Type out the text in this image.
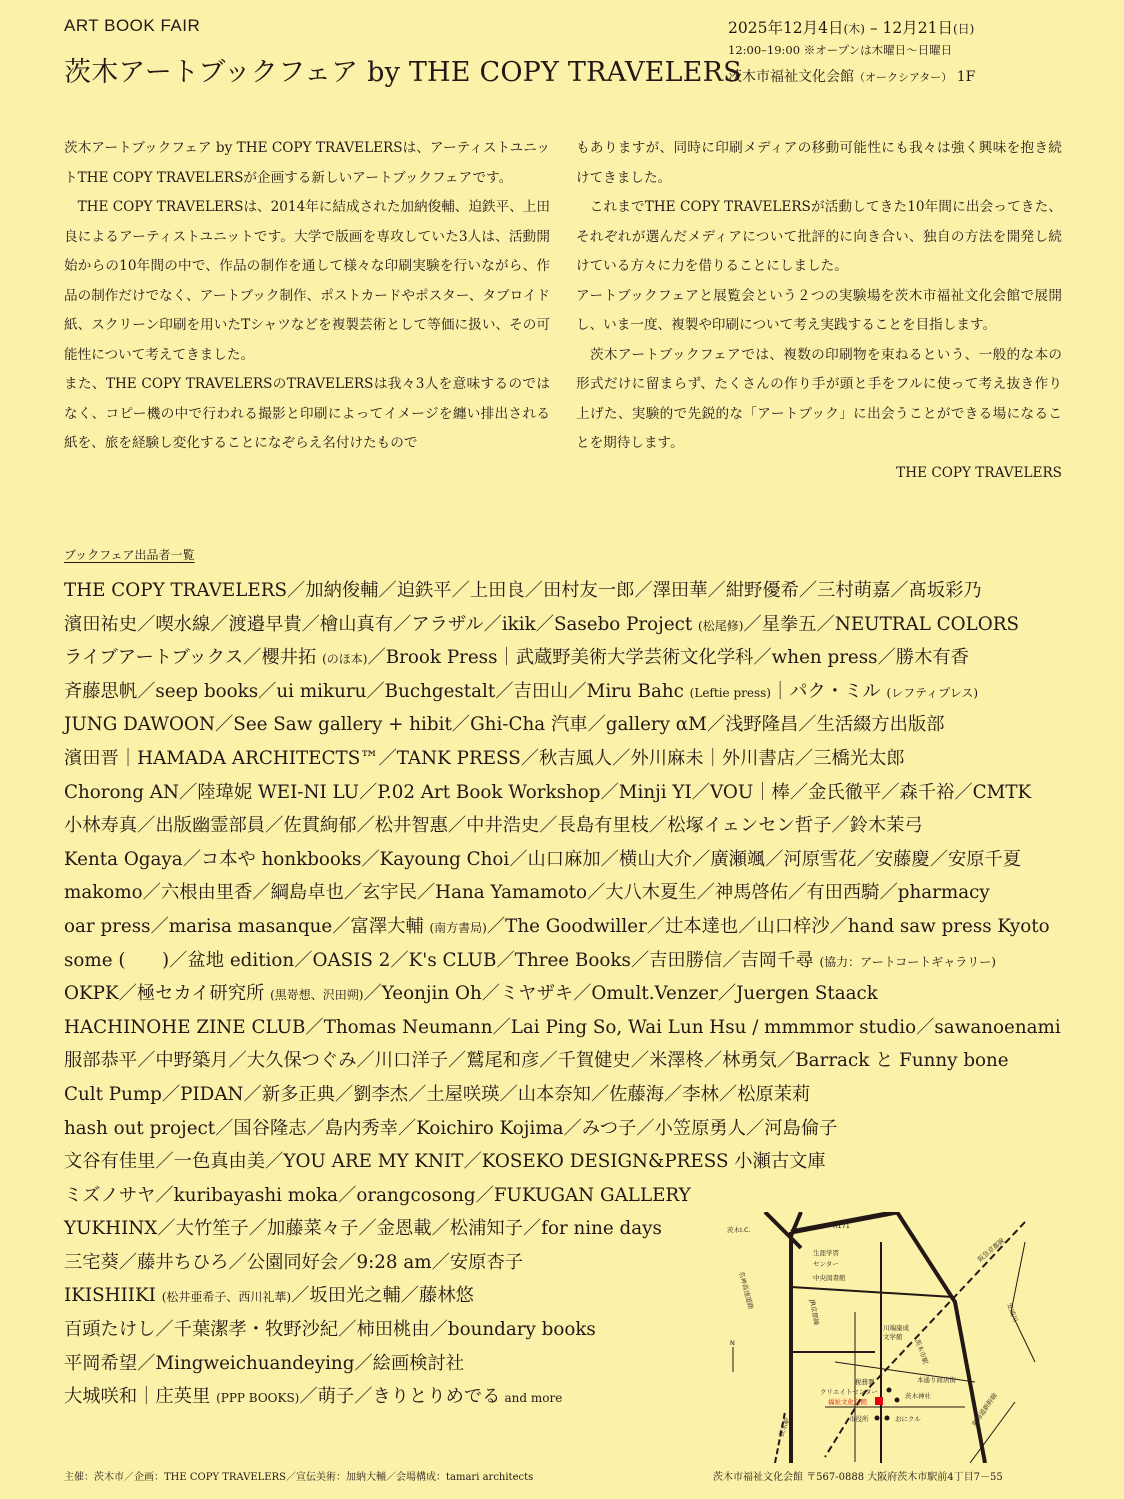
ART BOOK FAIR
茨木アートブックフェア by THE COPY TRAVELERS
2025年12月4日(木) – 12月21日(日)
12:00–19:00 ※オープンは木曜日〜日曜日
茨木市福祉文化会館（オークシアター） 1F

茨木アートブックフェア by THE COPY TRAVELERSは、アーティストユニットTHE COPY TRAVELERSが企画する新しいアートブックフェアです。

　THE COPY TRAVELERSは、2014年に結成された加納俊輔、迫鉄平、上田良によるアーティストユニットです。大学で版画を専攻していた3人は、活動開始からの10年間の中で、作品の制作を通して様々な印刷実験を行いながら、作品の制作だけでなく、アートブック制作、ポストカードやポスター、タブロイド紙、スクリーン印刷を用いたTシャツなどを複製芸術として等価に扱い、その可能性について考えてきました。

また、THE COPY TRAVELERSのTRAVELERSは我々3人を意味するのではなく、コピー機の中で行われる撮影と印刷によってイメージを纏い排出される紙を、旅を経験し変化することになぞらえ名付けたもので

もありますが、同時に印刷メディアの移動可能性にも我々は強く興味を抱き続けてきました。

　これまでTHE COPY TRAVELERSが活動してきた10年間に出会ってきた、それぞれが選んだメディアについて批評的に向き合い、独自の方法を開発し続けている方々に力を借りることにしました。

アートブックフェアと展覧会という２つの実験場を茨木市福祉文化会館で展開し、いま一度、複製や印刷について考え実践することを目指します。

　茨木アートブックフェアでは、複数の印刷物を束ねるという、一般的な本の形式だけに留まらず、たくさんの作り手が頭と手をフルに使って考え抜き作り上げた、実験的で先鋭的な「アートブック」に出会うことができる場になることを期待します。

THE COPY TRAVELERS

ブックフェア出品者一覧
THE COPY TRAVELERS／加納俊輔／迫鉄平／上田良／田村友一郎／澤田華／紺野優希／三村萌嘉／髙坂彩乃
濱田祐史／喫水線／渡邉早貴／檜山真有／アラザル／ikik／Sasebo Project (松尾修)／星拳五／NEUTRAL COLORS
ライブアートブックス／櫻井拓 (のほ本)／Brook Press｜武蔵野美術大学芸術文化学科／when press／勝木有香
斉藤思帆／seep books／ui mikuru／Buchgestalt／吉田山／Miru Bahc (Leftie press)｜パク・ミル (レフティプレス)
JUNG DAWOON／See Saw gallery + hibit／Ghi-Cha 汽車／gallery αM／浅野隆昌／生活綴方出版部
濱田晋｜HAMADA ARCHITECTS™／TANK PRESS／秋吉風人／外川麻未｜外川書店／三橋光太郎
Chorong AN／陸瑋妮 WEI-NI LU／P.02 Art Book Workshop／Minji YI／VOU｜棒／金氏徹平／森千裕／CMTK
小林寿真／出版幽霊部員／佐貫絢郁／松井智惠／中井浩史／長島有里枝／松塚イェンセン哲子／鈴木茉弓
Kenta Ogaya／コ本や honkbooks／Kayoung Choi／山口麻加／横山大介／廣瀬颯／河原雪花／安藤慶／安原千夏
makomo／六根由里香／綱島卓也／玄宇民／Hana Yamamoto／大八木夏生／神馬啓佑／有田西騎／pharmacy
oar press／marisa masanque／富澤大輔 (南方書局)／The Goodwiller／辻本達也／山口梓沙／hand saw press Kyoto
some (　　)／盆地 edition／OASIS 2／K's CLUB／Three Books／吉田勝信／吉岡千尋 (協力：アートコートギャラリー)
OKPK／極セカイ研究所 (黒嵜想、沢田朔)／Yeonjin Oh／ミヤザキ／Omult.Venzer／Juergen Staack
HACHINOHE ZINE CLUB／Thomas Neumann／Lai Ping So, Wai Lun Hsu / mmmmor studio／sawanoenami
服部恭平／中野築月／大久保つぐみ／川口洋子／鷲尾和彦／千賀健史／米澤柊／林勇気／Barrack と Funny bone
Cult Pump／PIDAN／新多正典／劉李杰／土屋咲瑛／山本奈知／佐藤海／李林／松原茉莉
hash out project／国谷隆志／島内秀幸／Koichiro Kojima／みつ子／小笠原勇人／河島倫子
文谷有佳里／一色真由美／YOU ARE MY KNIT／KOSEKO DESIGN&PRESS 小瀬古文庫
ミズノサヤ／kuribayashi moka／orangcosong／FUKUGAN GALLERY
YUKHINX／大竹笙子／加藤菜々子／金恩載／松浦知子／for nine days
三宅葵／藤井ちひろ／公園同好会／9:28 am／安原杏子
IKISHIIKI (松井亜希子、西川礼華)／坂田光之輔／藤林悠
百頭たけし／千葉潔孝・牧野沙紀／柿田桃由／boundary books
平岡希望／Mingweichuandeying／絵画検討社
大城咲和｜庄英里 (PPP BOOKS)／萌子／きりとりめでる and more
茨木I.C.	R171
生涯学習
センター
中央図書館
阪急京都線
安威川
名神高速道路
JR京都線
川端康成
文学館
茨木市駅
茨木駅
税務署	本通り商店街
茨木神社
クリエイトセンター
福祉文化会館
市役所	おにクル	東海道新幹線
N
主催：茨木市／企画：THE COPY TRAVELERS／宣伝美術：加納大輔／会場構成：tamari architects	茨木市福祉文化会館 〒567-0888 大阪府茨木市駅前4丁目7－55
